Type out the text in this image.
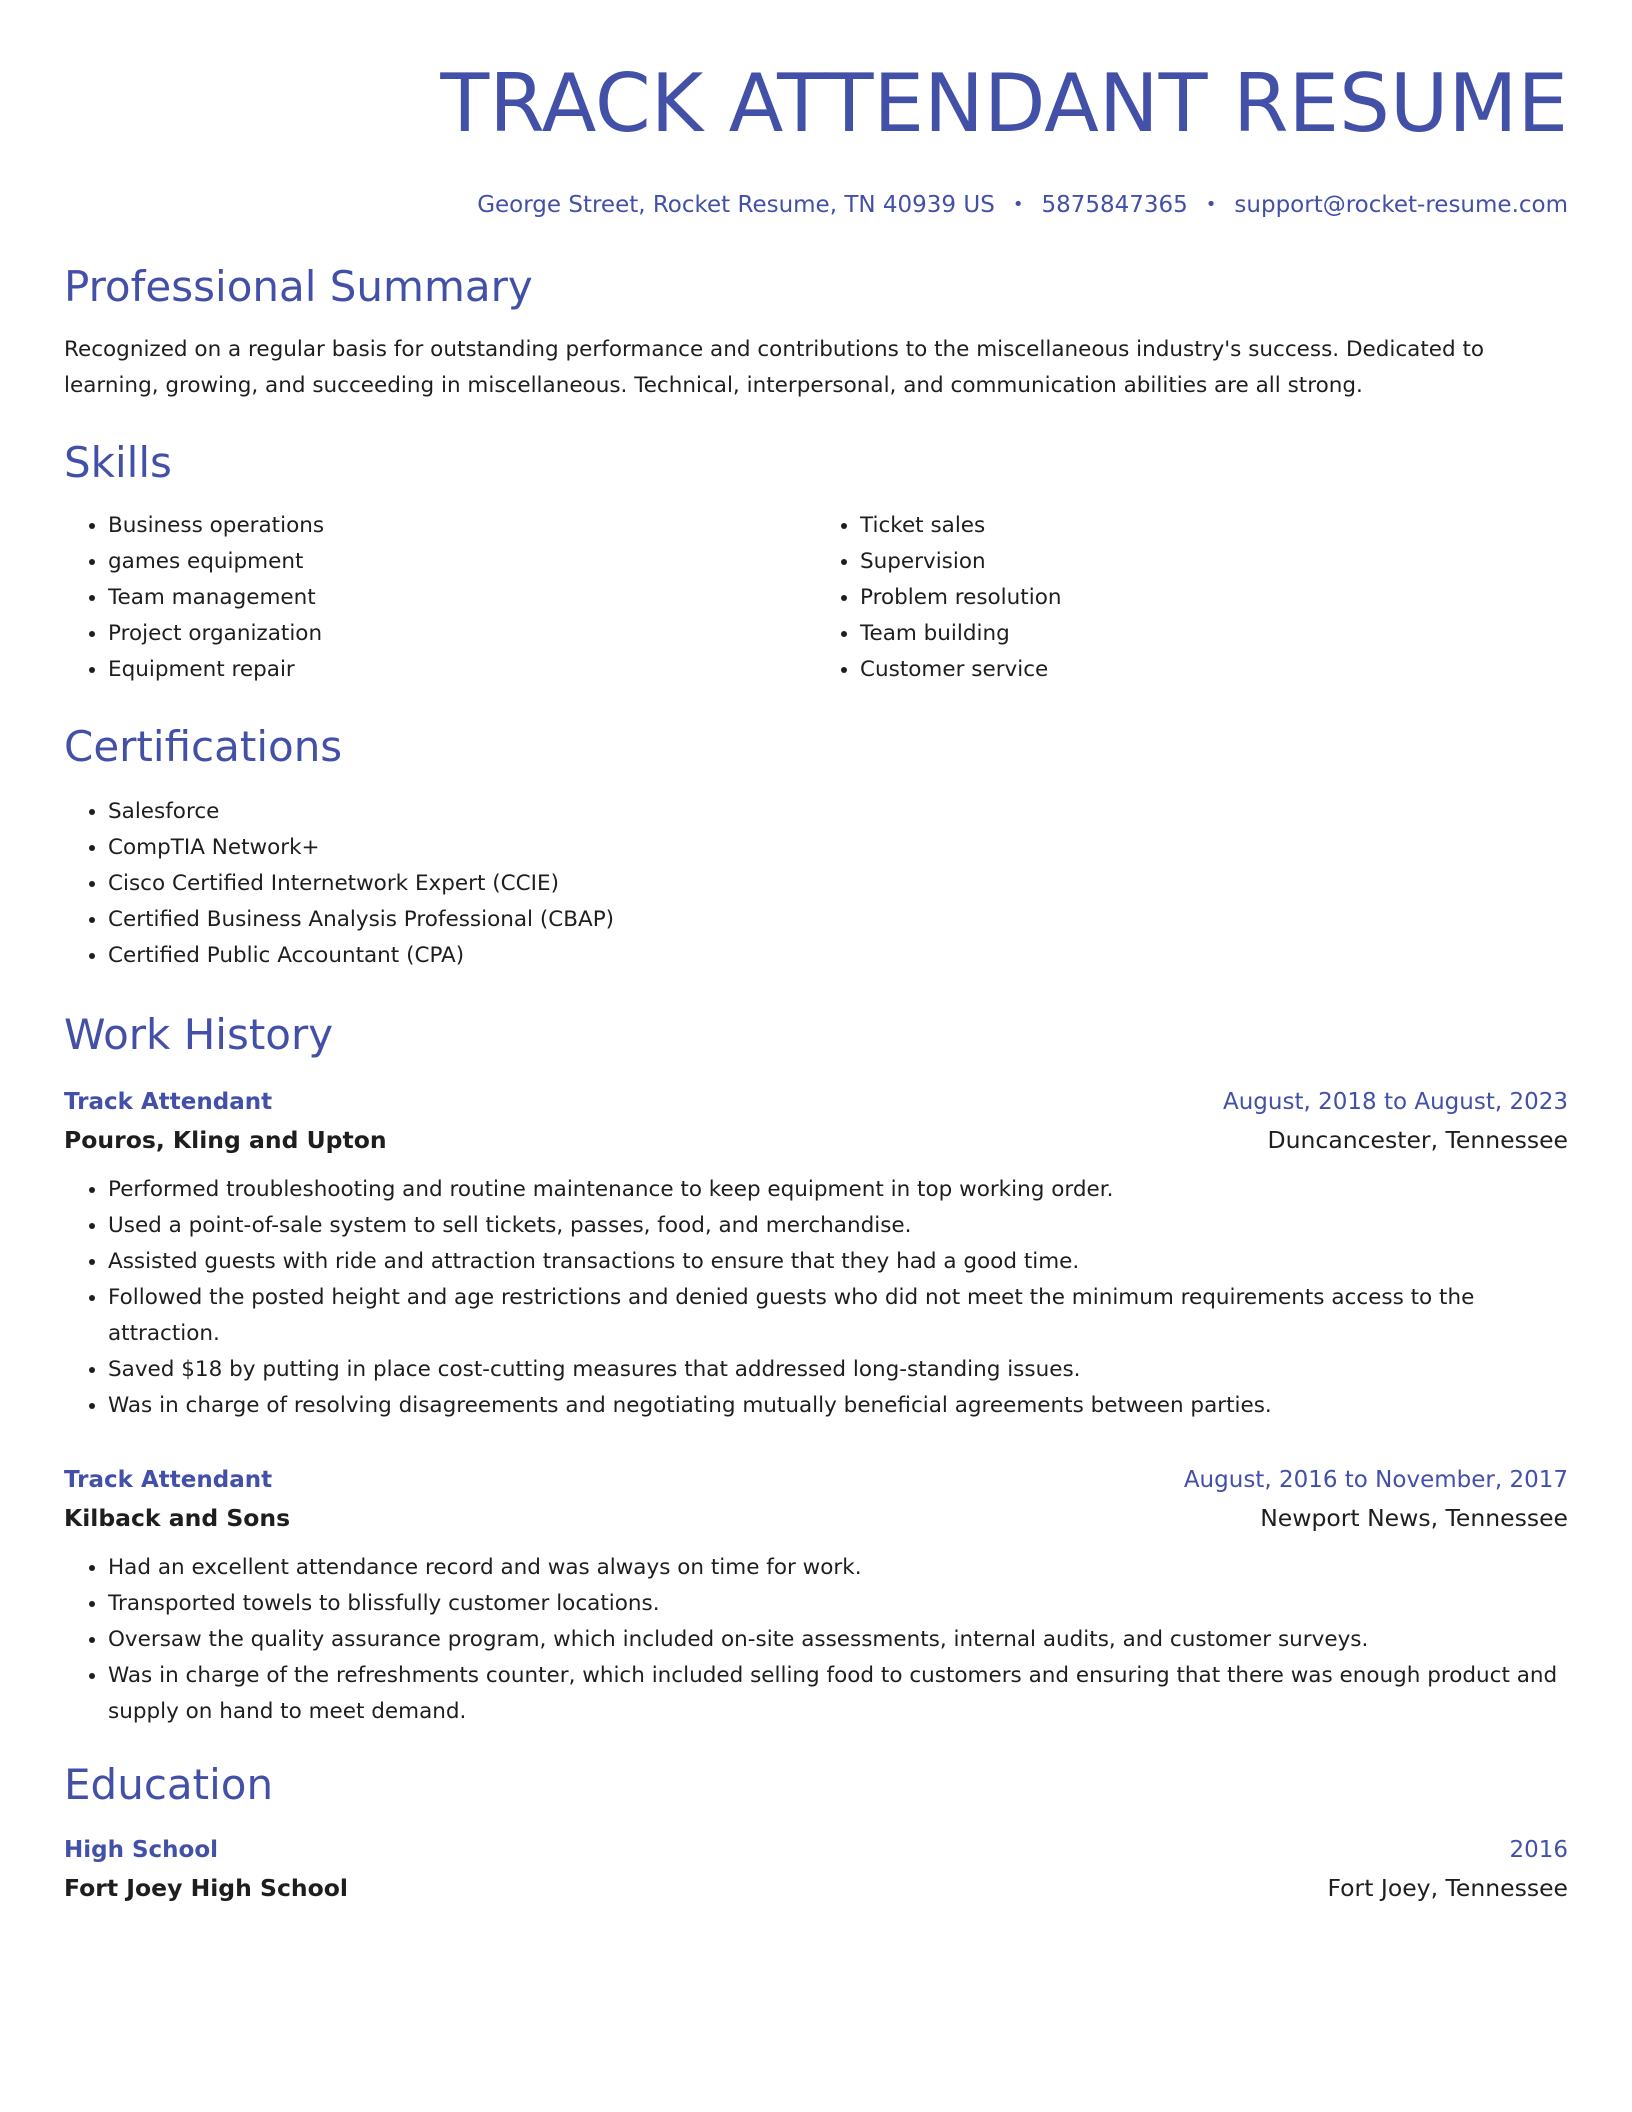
TRACK ATTENDANT RESUME
George Street, Rocket Resume, TN 40939 US • 5875847365 • support@rocket-resume.com
Professional Summary

Recognized on a regular basis for outstanding performance and contributions to the miscellaneous industry's success. Dedicated to learning, growing, and succeeding in miscellaneous. Technical, interpersonal, and communication abilities are all strong.

Skills
• Business operations
• games equipment
• Team management
• Project organization
• Equipment repair
• Ticket sales
• Supervision
• Problem resolution
• Team building
• Customer service
Certifications
• Salesforce
• CompTIA Network+
• Cisco Certified Internetwork Expert (CCIE)
• Certified Business Analysis Professional (CBAP)
• Certified Public Accountant (CPA)
Work History
Track Attendant	August, 2018 to August, 2023
Pouros, Kling and Upton	Duncancester, Tennessee
• Performed troubleshooting and routine maintenance to keep equipment in top working order.
• Used a point-of-sale system to sell tickets, passes, food, and merchandise.
• Assisted guests with ride and attraction transactions to ensure that they had a good time.
• Followed the posted height and age restrictions and denied guests who did not meet the minimum requirements access to the attraction.
• Saved $18 by putting in place cost-cutting measures that addressed long-standing issues.
• Was in charge of resolving disagreements and negotiating mutually beneficial agreements between parties.
Track Attendant	August, 2016 to November, 2017
Kilback and Sons	Newport News, Tennessee
• Had an excellent attendance record and was always on time for work.
• Transported towels to blissfully customer locations.
• Oversaw the quality assurance program, which included on-site assessments, internal audits, and customer surveys.
• Was in charge of the refreshments counter, which included selling food to customers and ensuring that there was enough product and supply on hand to meet demand.
Education
High School	2016
Fort Joey High School	Fort Joey, Tennessee
